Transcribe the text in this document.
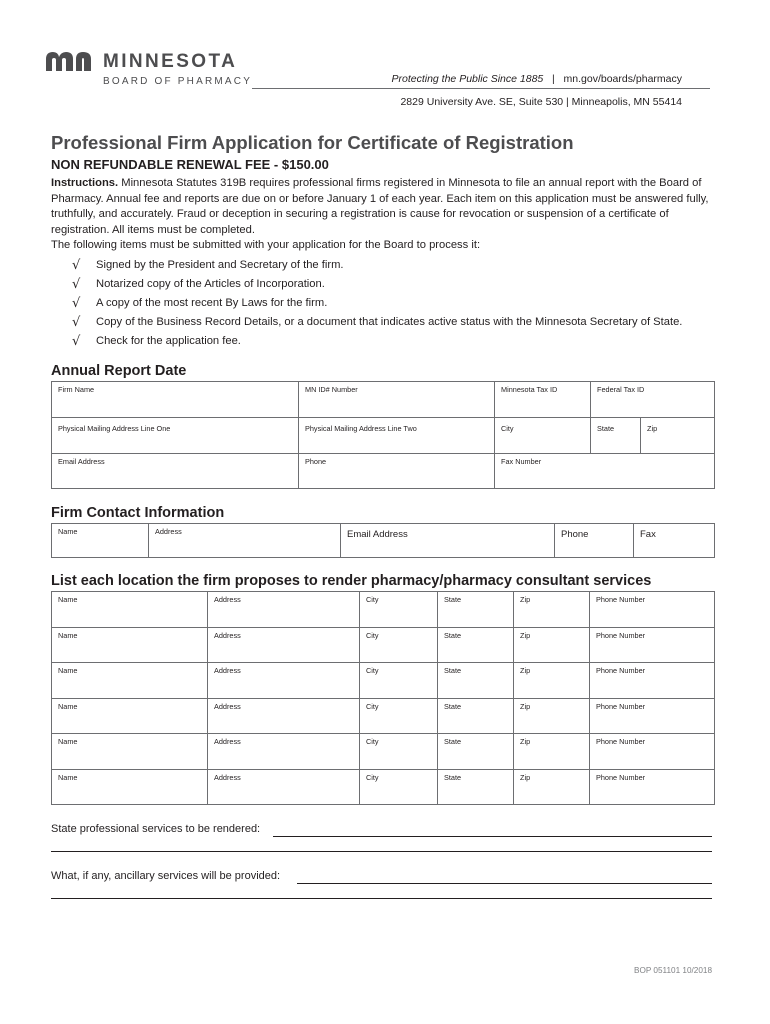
MINNESOTA
BOARD OF PHARMACY	Protecting the Public Since 1885 | mn.gov/boards/pharmacy
2829 University Ave. SE, Suite 530 | Minneapolis, MN 55414
Professional Firm Application for Certificate of Registration
NON REFUNDABLE RENEWAL FEE - $150.00
Instructions. Minnesota Statutes 319B requires professional firms registered in Minnesota to file an annual report with the Board of Pharmacy. Annual fee and reports are due on or before January 1 of each year. Each item on this application must be answered fully, truthfully, and accurately. Fraud or deception in securing a registration is cause for revocation or suspension of a certificate of registration. All items must be completed.
The following items must be submitted with your application for the Board to process it:
√	Signed by the President and Secretary of the firm.
√	Notarized copy of the Articles of Incorporation.
√	A copy of the most recent By Laws for the firm.
√	Copy of the Business Record Details, or a document that indicates active status with the Minnesota Secretary of State.
√	Check for the application fee.
Annual Report Date
Firm Name	MN ID# Number	Minnesota Tax ID	Federal Tax ID	
Physical Mailing Address Line One	Physical Mailing Address Line Two	City	State	Zip
Email Address	Phone	Fax Number		
Firm Contact Information
Name	Address	Email Address	Phone	Fax
List each location the firm proposes to render pharmacy/pharmacy consultant services
Name	Address	City	State	Zip	Phone Number
Name	Address	City	State	Zip	Phone Number
Name	Address	City	State	Zip	Phone Number
Name	Address	City	State	Zip	Phone Number
Name	Address	City	State	Zip	Phone Number
Name	Address	City	State	Zip	Phone Number
State professional services to be rendered:
What, if any, ancillary services will be provided:
BOP 051101 10/2018
